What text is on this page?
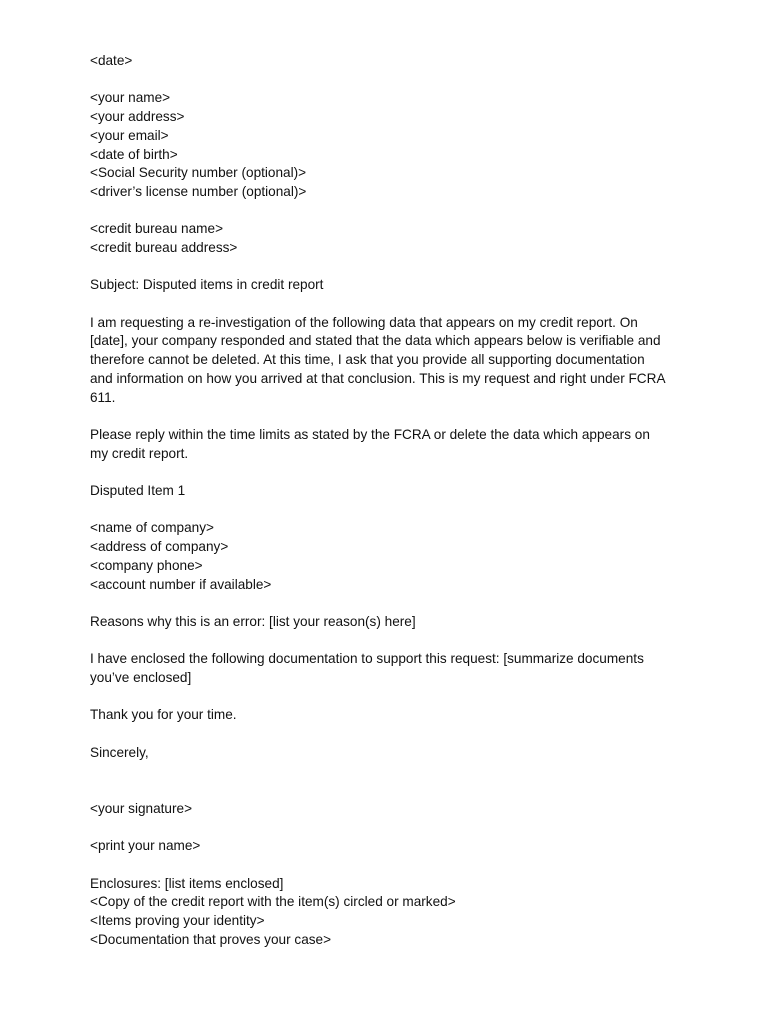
<date>
<your name>
<your address>
<your email>
<date of birth>
<Social Security number (optional)>
<driver’s license number (optional)>
<credit bureau name>
<credit bureau address>
Subject: Disputed items in credit report
I am requesting a re-investigation of the following data that appears on my credit report. On
[date], your company responded and stated that the data which appears below is verifiable and
therefore cannot be deleted. At this time, I ask that you provide all supporting documentation
and information on how you arrived at that conclusion. This is my request and right under FCRA
611.
Please reply within the time limits as stated by the FCRA or delete the data which appears on
my credit report.
Disputed Item 1
<name of company>
<address of company>
<company phone>
<account number if available>
Reasons why this is an error: [list your reason(s) here]
I have enclosed the following documentation to support this request: [summarize documents
you’ve enclosed]
Thank you for your time.
Sincerely,
<your signature>
<print your name>
Enclosures: [list items enclosed]
<Copy of the credit report with the item(s) circled or marked>
<Items proving your identity>
<Documentation that proves your case>
